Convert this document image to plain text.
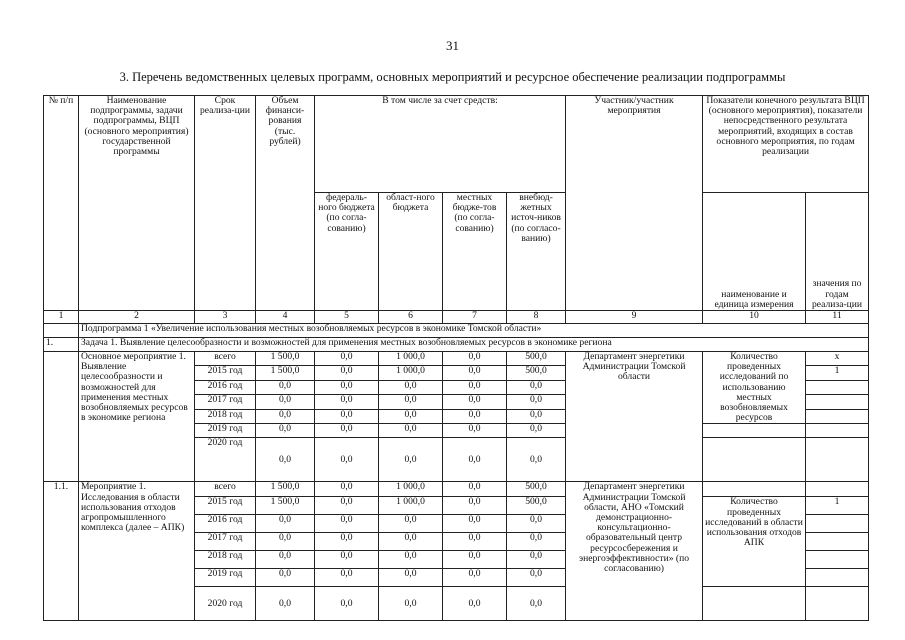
31
3. Перечень ведомственных целевых программ, основных мероприятий и ресурсное обеспечение реализации подпрограммы
№ п/п	Наименование подпрограммы, задачи подпрограммы, ВЦП (основного мероприятия) государственной программы	Срок реализа-ции	Объем финанси-рования (тыс. рублей)	В том числе за счет средств:				Участник/участник мероприятия	Показатели конечного результата ВЦП (основного мероприятия), показатели непосредственного результата мероприятий, входящих в состав основного мероприятия, по годам реализации	

				федераль-ного бюджета (по согла-сованию)	област-ного бюджета	местных бюдже-тов (по согла-сованию)	внебюд-жетных источ-ников (по согласо-ванию)		наименование и единица измерения	значения по годам реализа-ции
1	2	3	4	5	6	7	8	9	10	11
	Подпрограмма 1 «Увеличение использования местных возобновляемых ресурсов в экономике Томской области»									
1.	Задача 1. Выявление целесообразности и возможностей для применения местных возобновляемых ресурсов в экономике региона									
	Основное мероприятие 1. Выявление целесообразности и возможностей для применения местных возобновляемых ресурсов в экономике региона	всего	1 500,0	0,0	1 000,0	0,0	500,0	Департамент энергетики Администрации Томской области	Количество проведенных исследований по использованию местных возобновляемых ресурсов	x
		2015 год	1 500,0	0,0	1 000,0	0,0	500,0			1
		2016 год	0,0	0,0	0,0	0,0	0,0			
		2017 год	0,0	0,0	0,0	0,0	0,0			
		2018 год	0,0	0,0	0,0	0,0	0,0			
		2019 год	0,0	0,0	0,0	0,0	0,0			
		2020 год	0,0	0,0	0,0	0,0	0,0			
1.1.	Мероприятие 1. Исследования в области использования отходов агропромышленного комплекса (далее – АПК)	всего	1 500,0	0,0	1 000,0	0,0	500,0	Департамент энергетики Администрации Томской области, АНО «Томский демонстрационно-консультационно-образовательный центр ресурсосбережения и энергоэффективности» (по согласованию)		
		2015 год	1 500,0	0,0	1 000,0	0,0	500,0		Количество проведенных исследований в области использования отходов АПК	1
		2016 год	0,0	0,0	0,0	0,0	0,0			
		2017 год	0,0	0,0	0,0	0,0	0,0			
		2018 год	0,0	0,0	0,0	0,0	0,0			
		2019 год	0,0	0,0	0,0	0,0	0,0			
		2020 год	0,0	0,0	0,0	0,0	0,0			
